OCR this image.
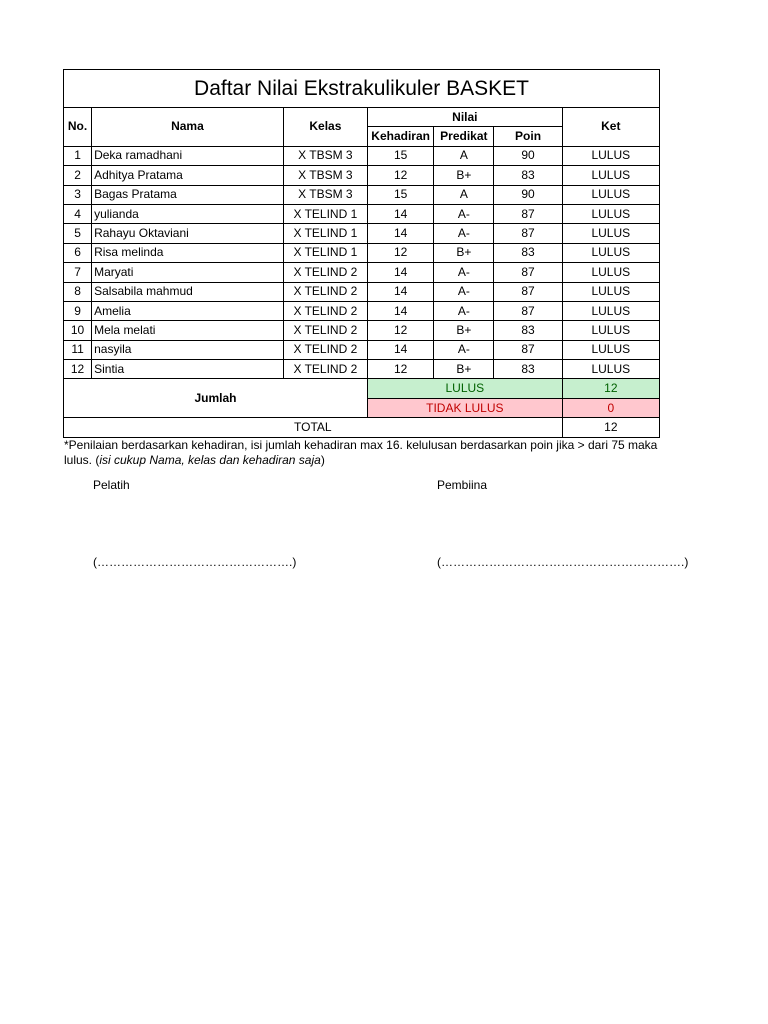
Daftar Nilai Ekstrakulikuler BASKET						
No.	Nama	Kelas	Nilai			Ket
			Kehadiran	Predikat	Poin	
1	Deka ramadhani	X TBSM 3	15	A	90	LULUS
2	Adhitya Pratama	X TBSM 3	12	B+	83	LULUS
3	Bagas Pratama	X TBSM 3	15	A	90	LULUS
4	yulianda	X TELIND 1	14	A-	87	LULUS
5	Rahayu Oktaviani	X TELIND 1	14	A-	87	LULUS
6	Risa melinda	X TELIND 1	12	B+	83	LULUS
7	Maryati	X TELIND 2	14	A-	87	LULUS
8	Salsabila mahmud	X TELIND 2	14	A-	87	LULUS
9	Amelia	X TELIND 2	14	A-	87	LULUS
10	Mela melati	X TELIND 2	12	B+	83	LULUS
11	nasyila	X TELIND 2	14	A-	87	LULUS
12	Sintia	X TELIND 2	12	B+	83	LULUS
Jumlah			LULUS			12
			TIDAK LULUS			0
TOTAL						12
*Penilaian berdasarkan kehadiran, isi jumlah kehadiran max 16. kelulusan berdasarkan poin jika > dari 75 maka lulus. (isi cukup Nama, kelas dan kehadiran saja)
Pelatih	Pembiina
(………………………………………….)	(…………………………………………………….)
